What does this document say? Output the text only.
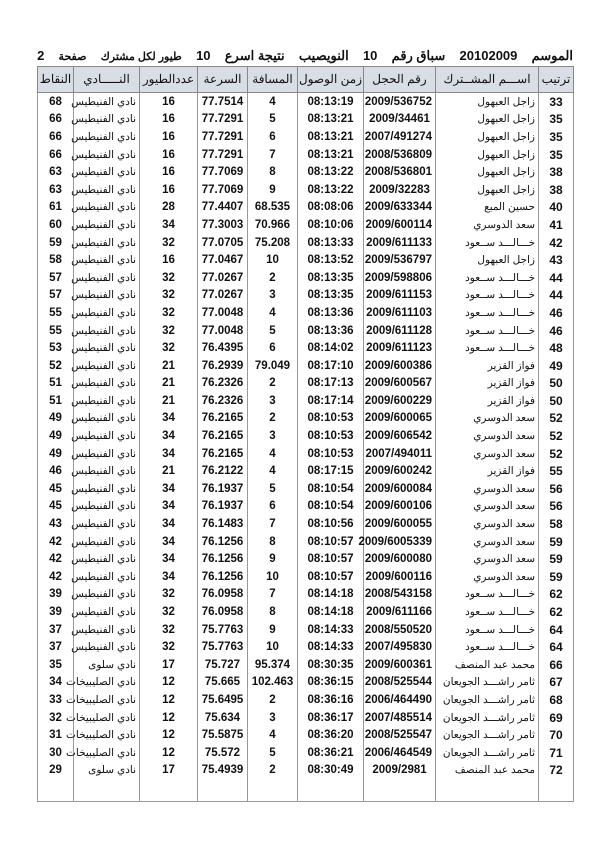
الموسم
20102009
سباق رقم
10
النويصيب
نتيجة اسرع
10
طيور لكل مشترك
صفحة
2
ترتيب	اســـم المشــترك	رقم الحجل	زمن الوصول	المسافة	السرعة	عددالطيور	النـــــادي	النقاط
33	زاجل العبهول	2009/536752	08:13:19	4	77.7514	16	نادي الفنيطيس	68
35	زاجل العبهول	2009/34461	08:13:21	5	77.7291	16	نادي الفنيطيس	66
35	زاجل العبهول	2007/491274	08:13:21	6	77.7291	16	نادي الفنيطيس	66
35	زاجل العبهول	2008/536809	08:13:21	7	77.7291	16	نادي الفنيطيس	66
38	زاجل العبهول	2008/536801	08:13:22	8	77.7069	16	نادي الفنيطيس	63
38	زاجل العبهول	2009/32283	08:13:22	9	77.7069	16	نادي الفنيطيس	63
40	حسين المبع	2009/633344	08:08:06	68.535	77.4407	28	نادي الفنيطيس	61
41	سعد الدوسري	2009/600114	08:10:06	70.966	77.3003	34	نادي الفنيطيس	60
42	خـــالـــد ســعود	2009/611133	08:13:33	75.208	77.0705	32	نادي الفنيطيس	59
43	زاجل العبهول	2009/536797	08:13:52	10	77.0467	16	نادي الفنيطيس	58
44	خـــالـــد ســعود	2009/598806	08:13:35	2	77.0267	32	نادي الفنيطيس	57
44	خـــالـــد ســعود	2009/611153	08:13:35	3	77.0267	32	نادي الفنيطيس	57
46	خـــالـــد ســعود	2009/611103	08:13:36	4	77.0048	32	نادي الفنيطيس	55
46	خـــالـــد ســعود	2009/611128	08:13:36	5	77.0048	32	نادي الفنيطيس	55
48	خـــالـــد ســعود	2009/611123	08:14:02	6	76.4395	32	نادي الفنيطيس	53
49	فواز القزير	2009/600386	08:17:10	79.049	76.2939	21	نادي الفنيطيس	52
50	فواز القزير	2009/600567	08:17:13	2	76.2326	21	نادي الفنيطيس	51
50	فواز القزير	2009/600229	08:17:14	3	76.2326	21	نادي الفنيطيس	51
52	سعد الدوسري	2009/600065	08:10:53	2	76.2165	34	نادي الفنيطيس	49
52	سعد الدوسري	2009/606542	08:10:53	3	76.2165	34	نادي الفنيطيس	49
52	سعد الدوسري	2007/494011	08:10:53	4	76.2165	34	نادي الفنيطيس	49
55	فواز القزير	2009/600242	08:17:15	4	76.2122	21	نادي الفنيطيس	46
56	سعد الدوسري	2009/600084	08:10:54	5	76.1937	34	نادي الفنيطيس	45
56	سعد الدوسري	2009/600106	08:10:54	6	76.1937	34	نادي الفنيطيس	45
58	سعد الدوسري	2009/600055	08:10:56	7	76.1483	34	نادي الفنيطيس	43
59	سعد الدوسري	2009/6005339	08:10:57	8	76.1256	34	نادي الفنيطيس	42
59	سعد الدوسري	2009/600080	08:10:57	9	76.1256	34	نادي الفنيطيس	42
59	سعد الدوسري	2009/600116	08:10:57	10	76.1256	34	نادي الفنيطيس	42
62	خـــالـــد ســعود	2008/543158	08:14:18	7	76.0958	32	نادي الفنيطيس	39
62	خـــالـــد ســعود	2009/611166	08:14:18	8	76.0958	32	نادي الفنيطيس	39
64	خـــالـــد ســعود	2008/550520	08:14:33	9	75.7763	32	نادي الفنيطيس	37
64	خـــالـــد ســعود	2007/495830	08:14:33	10	75.7763	32	نادي الفنيطيس	37
66	محمد عبد المنصف	2009/600361	08:30:35	95.374	75.727	17	نادي سلوى	35
67	ثامر راشـــد الجويعان	2008/525544	08:36:15	102.463	75.665	12	نادي الصليبيخات	34
68	ثامر راشـــد الجويعان	2006/464490	08:36:16	2	75.6495	12	نادي الصليبيخات	33
69	ثامر راشـــد الجويعان	2007/485514	08:36:17	3	75.634	12	نادي الصليبيخات	32
70	ثامر راشـــد الجويعان	2008/525547	08:36:20	4	75.5875	12	نادي الصليبيخات	31
71	ثامر راشـــد الجويعان	2006/464549	08:36:21	5	75.572	12	نادي الصليبيخات	30
72	محمد عبد المنصف	2009/2981	08:30:49	2	75.4939	17	نادي سلوى	29
